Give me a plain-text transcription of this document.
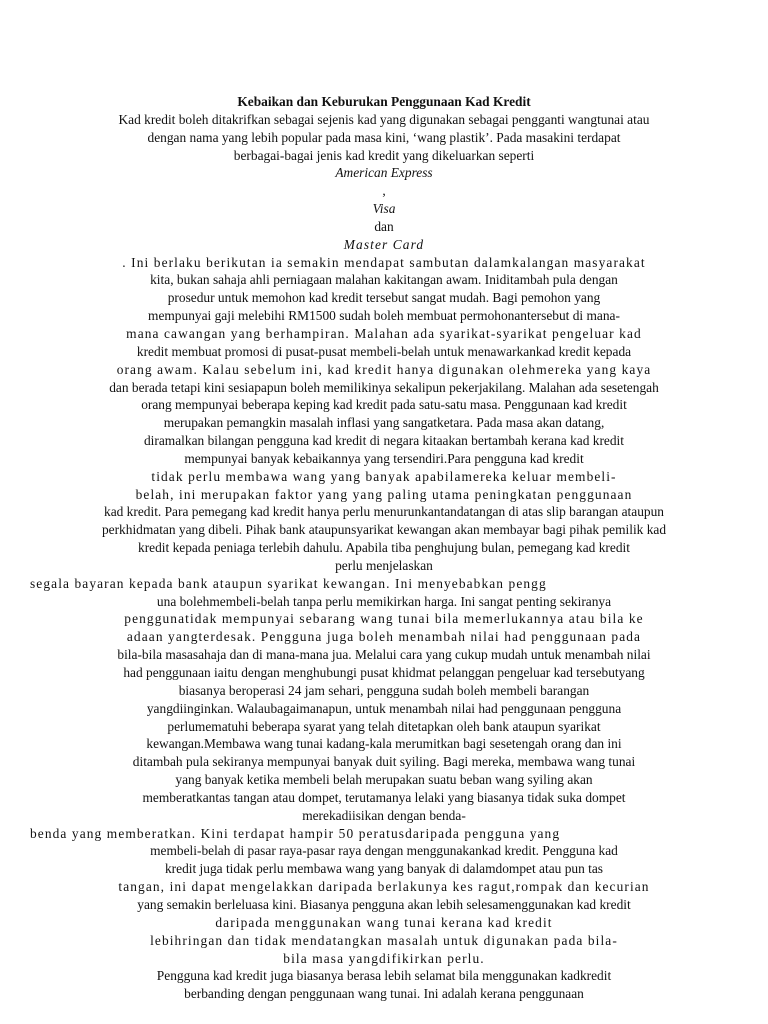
Kebaikan dan Keburukan Penggunaan Kad Kredit
Kad kredit boleh ditakrifkan sebagai sejenis kad yang digunakan sebagai pengganti wangtunai atau
dengan nama yang lebih popular pada masa kini, ‘wang plastik’. Pada masakini terdapat
berbagai-bagai jenis kad kredit yang dikeluarkan seperti
American Express
,
Visa
dan
Master Card
. Ini berlaku berikutan ia semakin mendapat sambutan dalamkalangan masyarakat
kita, bukan sahaja ahli perniagaan malahan kakitangan awam. Iniditambah pula dengan
prosedur untuk memohon kad kredit tersebut sangat mudah. Bagi pemohon yang
mempunyai gaji melebihi RM1500 sudah boleh membuat permohonantersebut di mana-
mana cawangan yang berhampiran. Malahan ada syarikat-syarikat pengeluar kad
kredit membuat promosi di pusat-pusat membeli-belah untuk menawarkankad kredit kepada
orang awam. Kalau sebelum ini, kad kredit hanya digunakan olehmereka yang kaya
dan berada tetapi kini sesiapapun boleh memilikinya sekalipun pekerjakilang. Malahan ada sesetengah
orang mempunyai beberapa keping kad kredit pada satu-satu masa. Penggunaan kad kredit
merupakan pemangkin masalah inflasi yang sangatketara. Pada masa akan datang,
diramalkan bilangan pengguna kad kredit di negara kitaakan bertambah kerana kad kredit
mempunyai banyak kebaikannya yang tersendiri.Para pengguna kad kredit
tidak perlu membawa wang yang banyak apabilamereka keluar membeli-
belah, ini merupakan faktor yang yang paling utama peningkatan penggunaan
kad kredit. Para pemegang kad kredit hanya perlu menurunkantandatangan di atas slip barangan ataupun
perkhidmatan yang dibeli. Pihak bank ataupunsyarikat kewangan akan membayar bagi pihak pemilik kad
kredit kepada peniaga terlebih dahulu. Apabila tiba penghujung bulan, pemegang kad kredit
perlu menjelaskan
segala bayaran kepada bank ataupun syarikat kewangan. Ini menyebabkan pengg
una bolehmembeli-belah tanpa perlu memikirkan harga. Ini sangat penting sekiranya
penggunatidak mempunyai sebarang wang tunai bila memerlukannya atau bila ke
adaan yangterdesak. Pengguna juga boleh menambah nilai had penggunaan pada
bila-bila masasahaja dan di mana-mana jua. Melalui cara yang cukup mudah untuk menambah nilai
had penggunaan iaitu dengan menghubungi pusat khidmat pelanggan pengeluar kad tersebutyang
biasanya beroperasi 24 jam sehari, pengguna sudah boleh membeli barangan
yangdiinginkan. Walaubagaimanapun, untuk menambah nilai had penggunaan pengguna
perlumematuhi beberapa syarat yang telah ditetapkan oleh bank ataupun syarikat
kewangan.Membawa wang tunai kadang-kala merumitkan bagi sesetengah orang dan ini
ditambah pula sekiranya mempunyai banyak duit syiling. Bagi mereka, membawa wang tunai
yang banyak ketika membeli belah merupakan suatu beban wang syiling akan
memberatkantas tangan atau dompet, terutamanya lelaki yang biasanya tidak suka dompet
merekadiisikan dengan benda-
benda yang memberatkan. Kini terdapat hampir 50 peratusdaripada pengguna yang
membeli-belah di pasar raya-pasar raya dengan menggunakankad kredit. Pengguna kad
kredit juga tidak perlu membawa wang yang banyak di dalamdompet atau pun tas
tangan, ini dapat mengelakkan daripada berlakunya kes ragut,rompak dan kecurian
yang semakin berleluasa kini. Biasanya pengguna akan lebih selesamenggunakan kad kredit
daripada menggunakan wang tunai kerana kad kredit
lebihringan dan tidak mendatangkan masalah untuk digunakan pada bila-
bila masa yangdifikirkan perlu.
Pengguna kad kredit juga biasanya berasa lebih selamat bila menggunakan kadkredit
berbanding dengan penggunaan wang tunai. Ini adalah kerana penggunaan
